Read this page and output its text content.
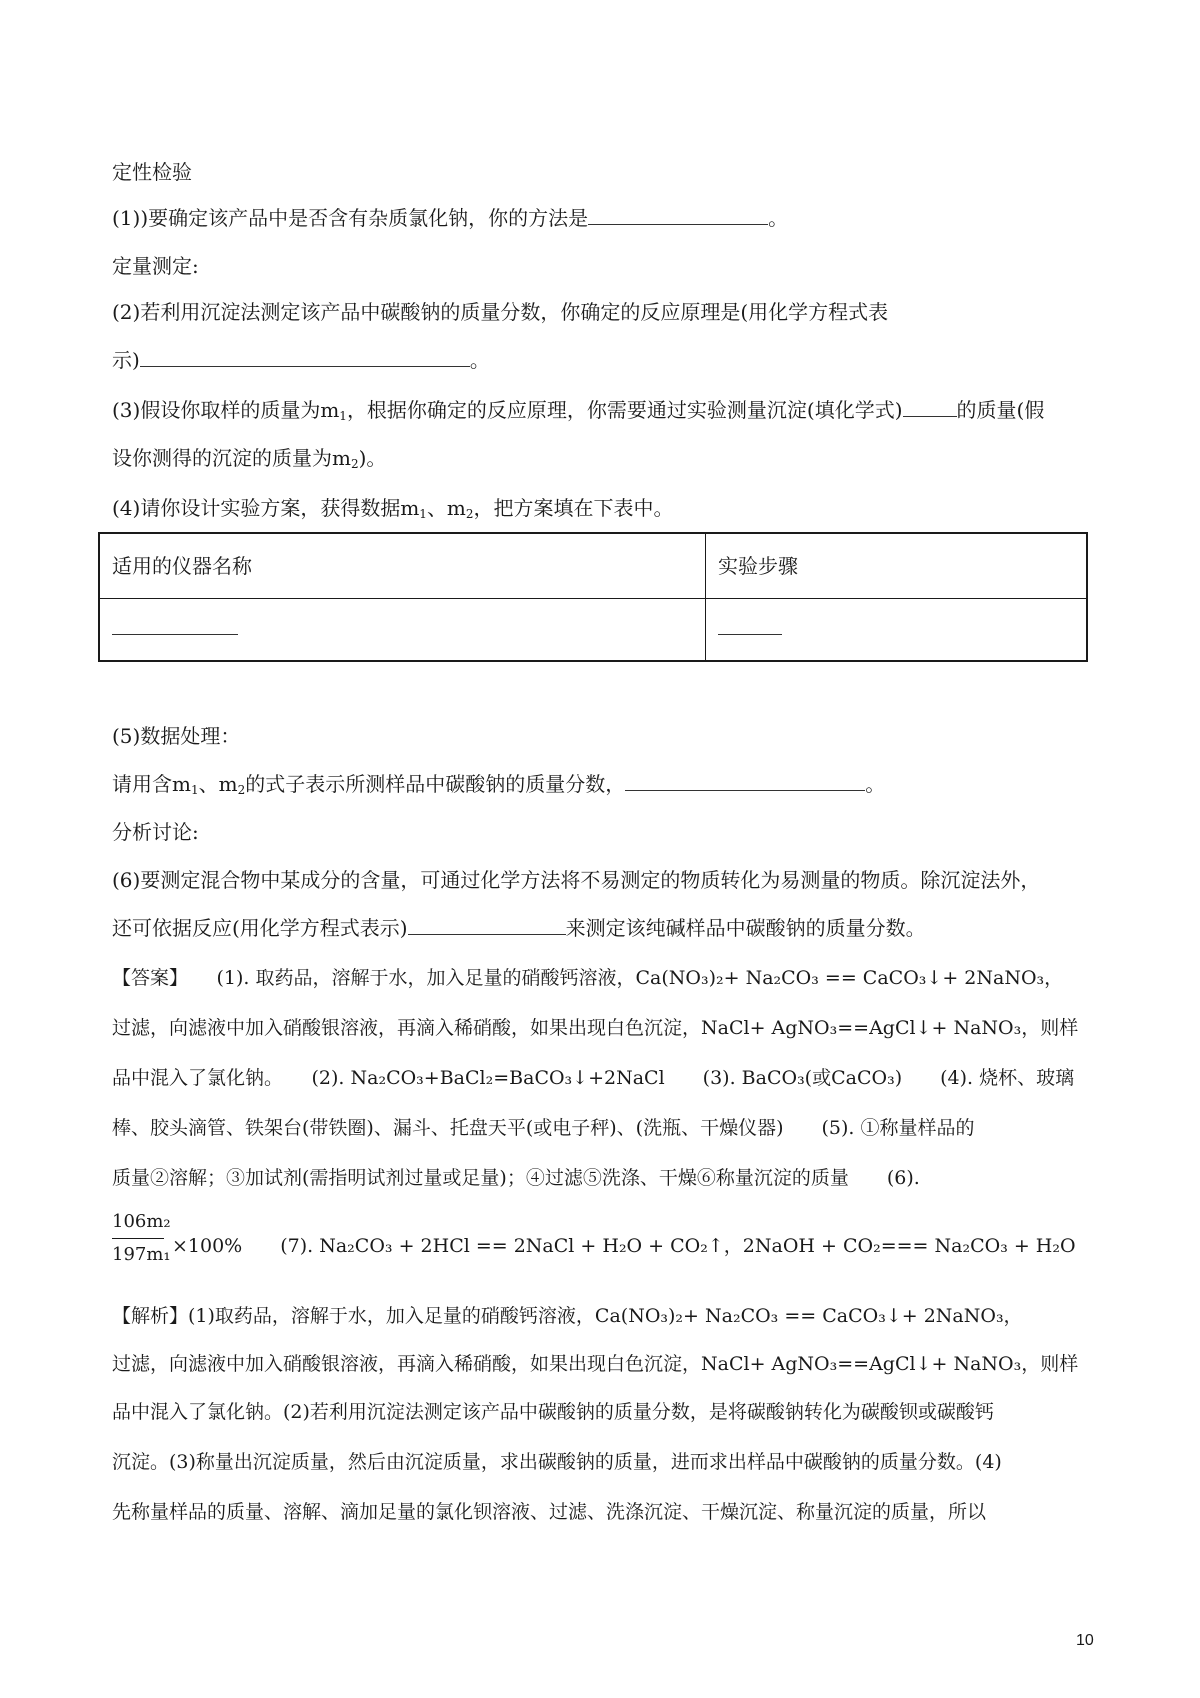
定性检验
(1))要确定该产品中是否含有杂质氯化钠，你的方法是	。
定量测定:
(2)若利用沉淀法测定该产品中碳酸钠的质量分数，你确定的反应原理是(用化学方程式表
示)	。
(3)假设你取样的质量为$m_1$，根据你确定的反应原理，你需要通过实验测量沉淀(填化学式)	的质量(假
设你测得的沉淀的质量为$m_2$)。
(4)请你设计实验方案，获得数据$m_1$、$m_2$，把方案填在下表中。
适用的仪器名称	实验步骤
(5)数据处理：
请用含$m_1$、$m_2$的式子表示所测样品中碳酸钠的质量分数，	。
分析讨论:
(6)要测定混合物中某成分的含量，可通过化学方法将不易测定的物质转化为易测量的物质。除沉淀法外，
还可依据反应(用化学方程式表示)	来测定该纯碱样品中碳酸钠的质量分数。
【答案】　　(1). 取药品，溶解于水，加入足量的硝酸钙溶液，Ca(NO₃)₂+ Na₂CO₃ == CaCO₃↓+ 2NaNO₃，
过滤，向滤液中加入硝酸银溶液，再滴入稀硝酸，如果出现白色沉淀，NaCl+ AgNO₃==AgCl↓+ NaNO₃，则样
品中混入了氯化钠。　　(2). Na₂CO₃+BaCl₂=BaCO₃↓+2NaCl　　(3). BaCO₃(或CaCO₃)　　(4). 烧杯、玻璃
棒、胶头滴管、铁架台(带铁圈)、漏斗、托盘天平(或电子秤)、(洗瓶、干燥仪器)　　(5). ①称量样品的
质量②溶解；③加试剂(需指明试剂过量或足量)；④过滤⑤洗涤、干燥⑥称量沉淀的质量　　(6).
106m₂
197m₁ ×100%　　(7). Na₂CO₃ + 2HCl == 2NaCl + H₂O + CO₂↑，2NaOH + CO₂=== Na₂CO₃ + H₂O
【解析】(1)取药品，溶解于水，加入足量的硝酸钙溶液，Ca(NO₃)₂+ Na₂CO₃ == CaCO₃↓+ 2NaNO₃，
过滤，向滤液中加入硝酸银溶液，再滴入稀硝酸，如果出现白色沉淀，NaCl+ AgNO₃==AgCl↓+ NaNO₃，则样
品中混入了氯化钠。(2)若利用沉淀法测定该产品中碳酸钠的质量分数，是将碳酸钠转化为碳酸钡或碳酸钙
沉淀。(3)称量出沉淀质量，然后由沉淀质量，求出碳酸钠的质量，进而求出样品中碳酸钠的质量分数。(4)
先称量样品的质量、溶解、滴加足量的氯化钡溶液、过滤、洗涤沉淀、干燥沉淀、称量沉淀的质量，所以
10
